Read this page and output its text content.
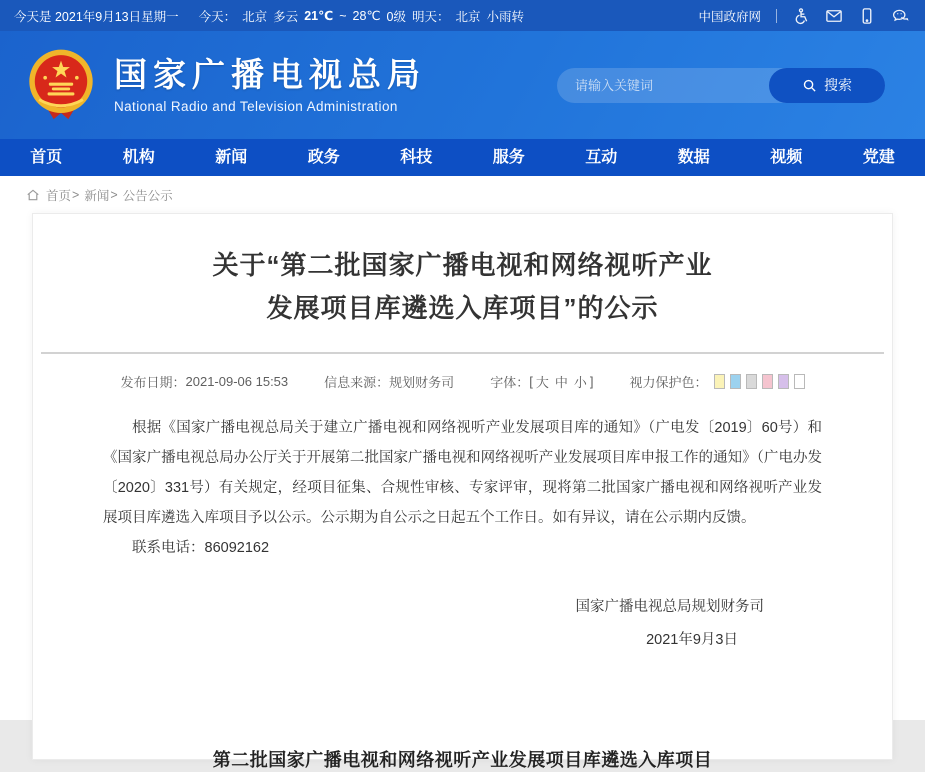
今天是 2021年9月13日星期一 今天： 北京 多云 21℃ ~ 28℃ 0级 明天： 北京 小雨转	中国政府网
国家广播电视总局
National Radio and Television Administration
请输入关键词
搜索
首页	机构	新闻	政务	科技	服务	互动	数据	视频	党建
首页 > 新闻 > 公告公示
关于“第二批国家广播电视和网络视听产业
发展项目库遴选入库项目”的公示
发布日期： 2021-09-06 15:53	信息来源： 规划财务司	字体： [ 大 中 小 ]	视力保护色：

根据《国家广播电视总局关于建立广播电视和网络视听产业发展项目库的通知》（广电发〔2019〕60号）和《国家广播电视总局办公厅关于开展第二批国家广播电视和网络视听产业发展项目库申报工作的通知》（广电办发〔2020〕331号）有关规定，经项目征集、合规性审核、专家评审，现将第二批国家广播电视和网络视听产业发展项目库遴选入库项目予以公示。公示期为自公示之日起五个工作日。如有异议，请在公示期内反馈。

联系电话：86092162

国家广播电视总局规划财务司
2021年9月3日
第二批国家广播电视和网络视听产业发展项目库遴选入库项目
